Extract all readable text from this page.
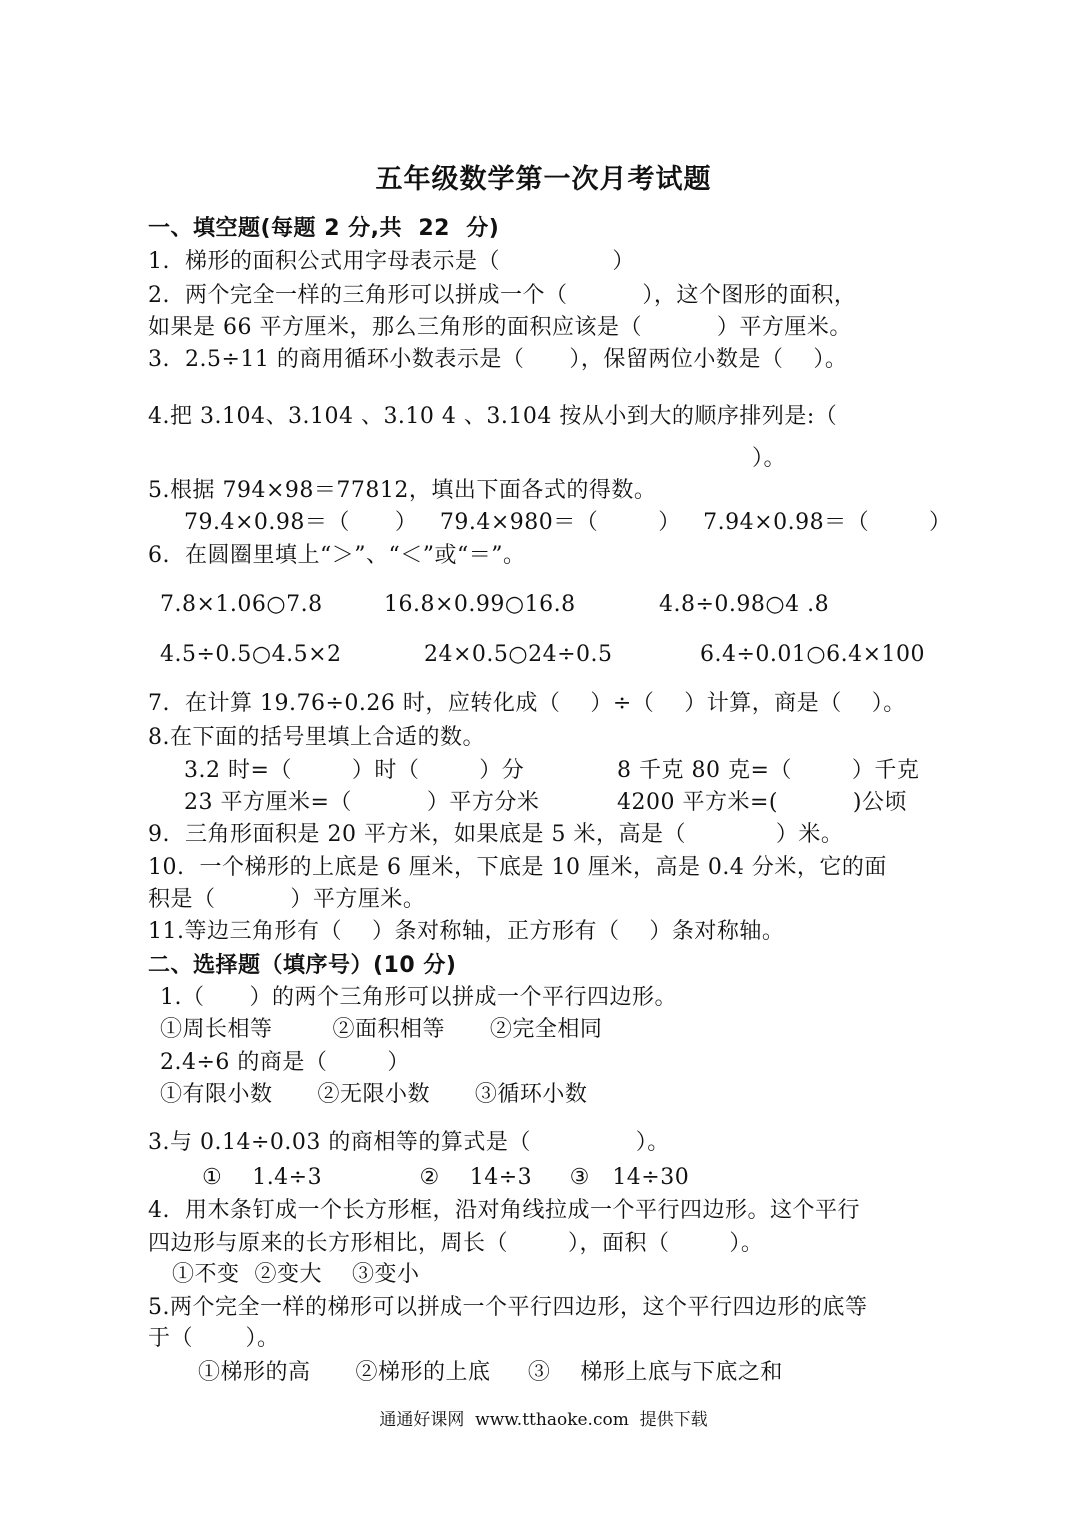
五年级数学第一次月考试题
一、填空题(每题 2 分,共  22  分)
1.  梯形的面积公式用字母表示是（               ）
2.  两个完全一样的三角形可以拼成一个（          ），这个图形的面积，
如果是 66 平方厘米，那么三角形的面积应该是（          ）平方厘米。
3.  2.5÷11 的商用循环小数表示是（      ），保留两位小数是（    ）。
4.把 3.104、3.104 、3.10 4 、3.104 按从小到大的顺序排列是:（
）。
5.根据 794×98＝77812，填出下面各式的得数。
79.4×0.98＝（      ）   79.4×980＝（        ）   7.94×0.98＝（        ）
6.  在圆圈里填上“＞”、“＜”或“＝”。
7.8×1.06○7.8	16.8×0.99○16.8	4.8÷0.98○4 .8
4.5÷0.5○4.5×2	24×0.5○24÷0.5	6.4÷0.01○6.4×100
7.  在计算 19.76÷0.26 时，应转化成（    ）÷（    ）计算，商是（    ）。
8.在下面的括号里填上合适的数。
3.2 时=（        ）时（        ）分	8 千克 80 克=（        ）千克
23 平方厘米=（          ）平方分米	4200 平方米=(          )公顷
9.  三角形面积是 20 平方米，如果底是 5 米，高是（            ）米。
10.  一个梯形的上底是 6 厘米，下底是 10 厘米，高是 0.4 分米，它的面
积是（          ）平方厘米。
11.等边三角形有（    ）条对称轴，正方形有（    ）条对称轴。
二、选择题（填序号）(10 分)
1.（      ）的两个三角形可以拼成一个平行四边形。
①周长相等        ②面积相等      ②完全相同
2.4÷6 的商是（        ）
①有限小数      ②无限小数      ③循环小数
3.与 0.14÷0.03 的商相等的算式是（              ）。
①    1.4÷3             ②    14÷3     ③   14÷30
4.  用木条钉成一个长方形框，沿对角线拉成一个平行四边形。这个平行
四边形与原来的长方形相比，周长（        ），面积（        ）。
①不变  ②变大    ③变小
5.两个完全一样的梯形可以拼成一个平行四边形，这个平行四边形的底等
于（       ）。
①梯形的高      ②梯形的上底     ③    梯形上底与下底之和
通通好课网  www.tthaoke.com  提供下载
